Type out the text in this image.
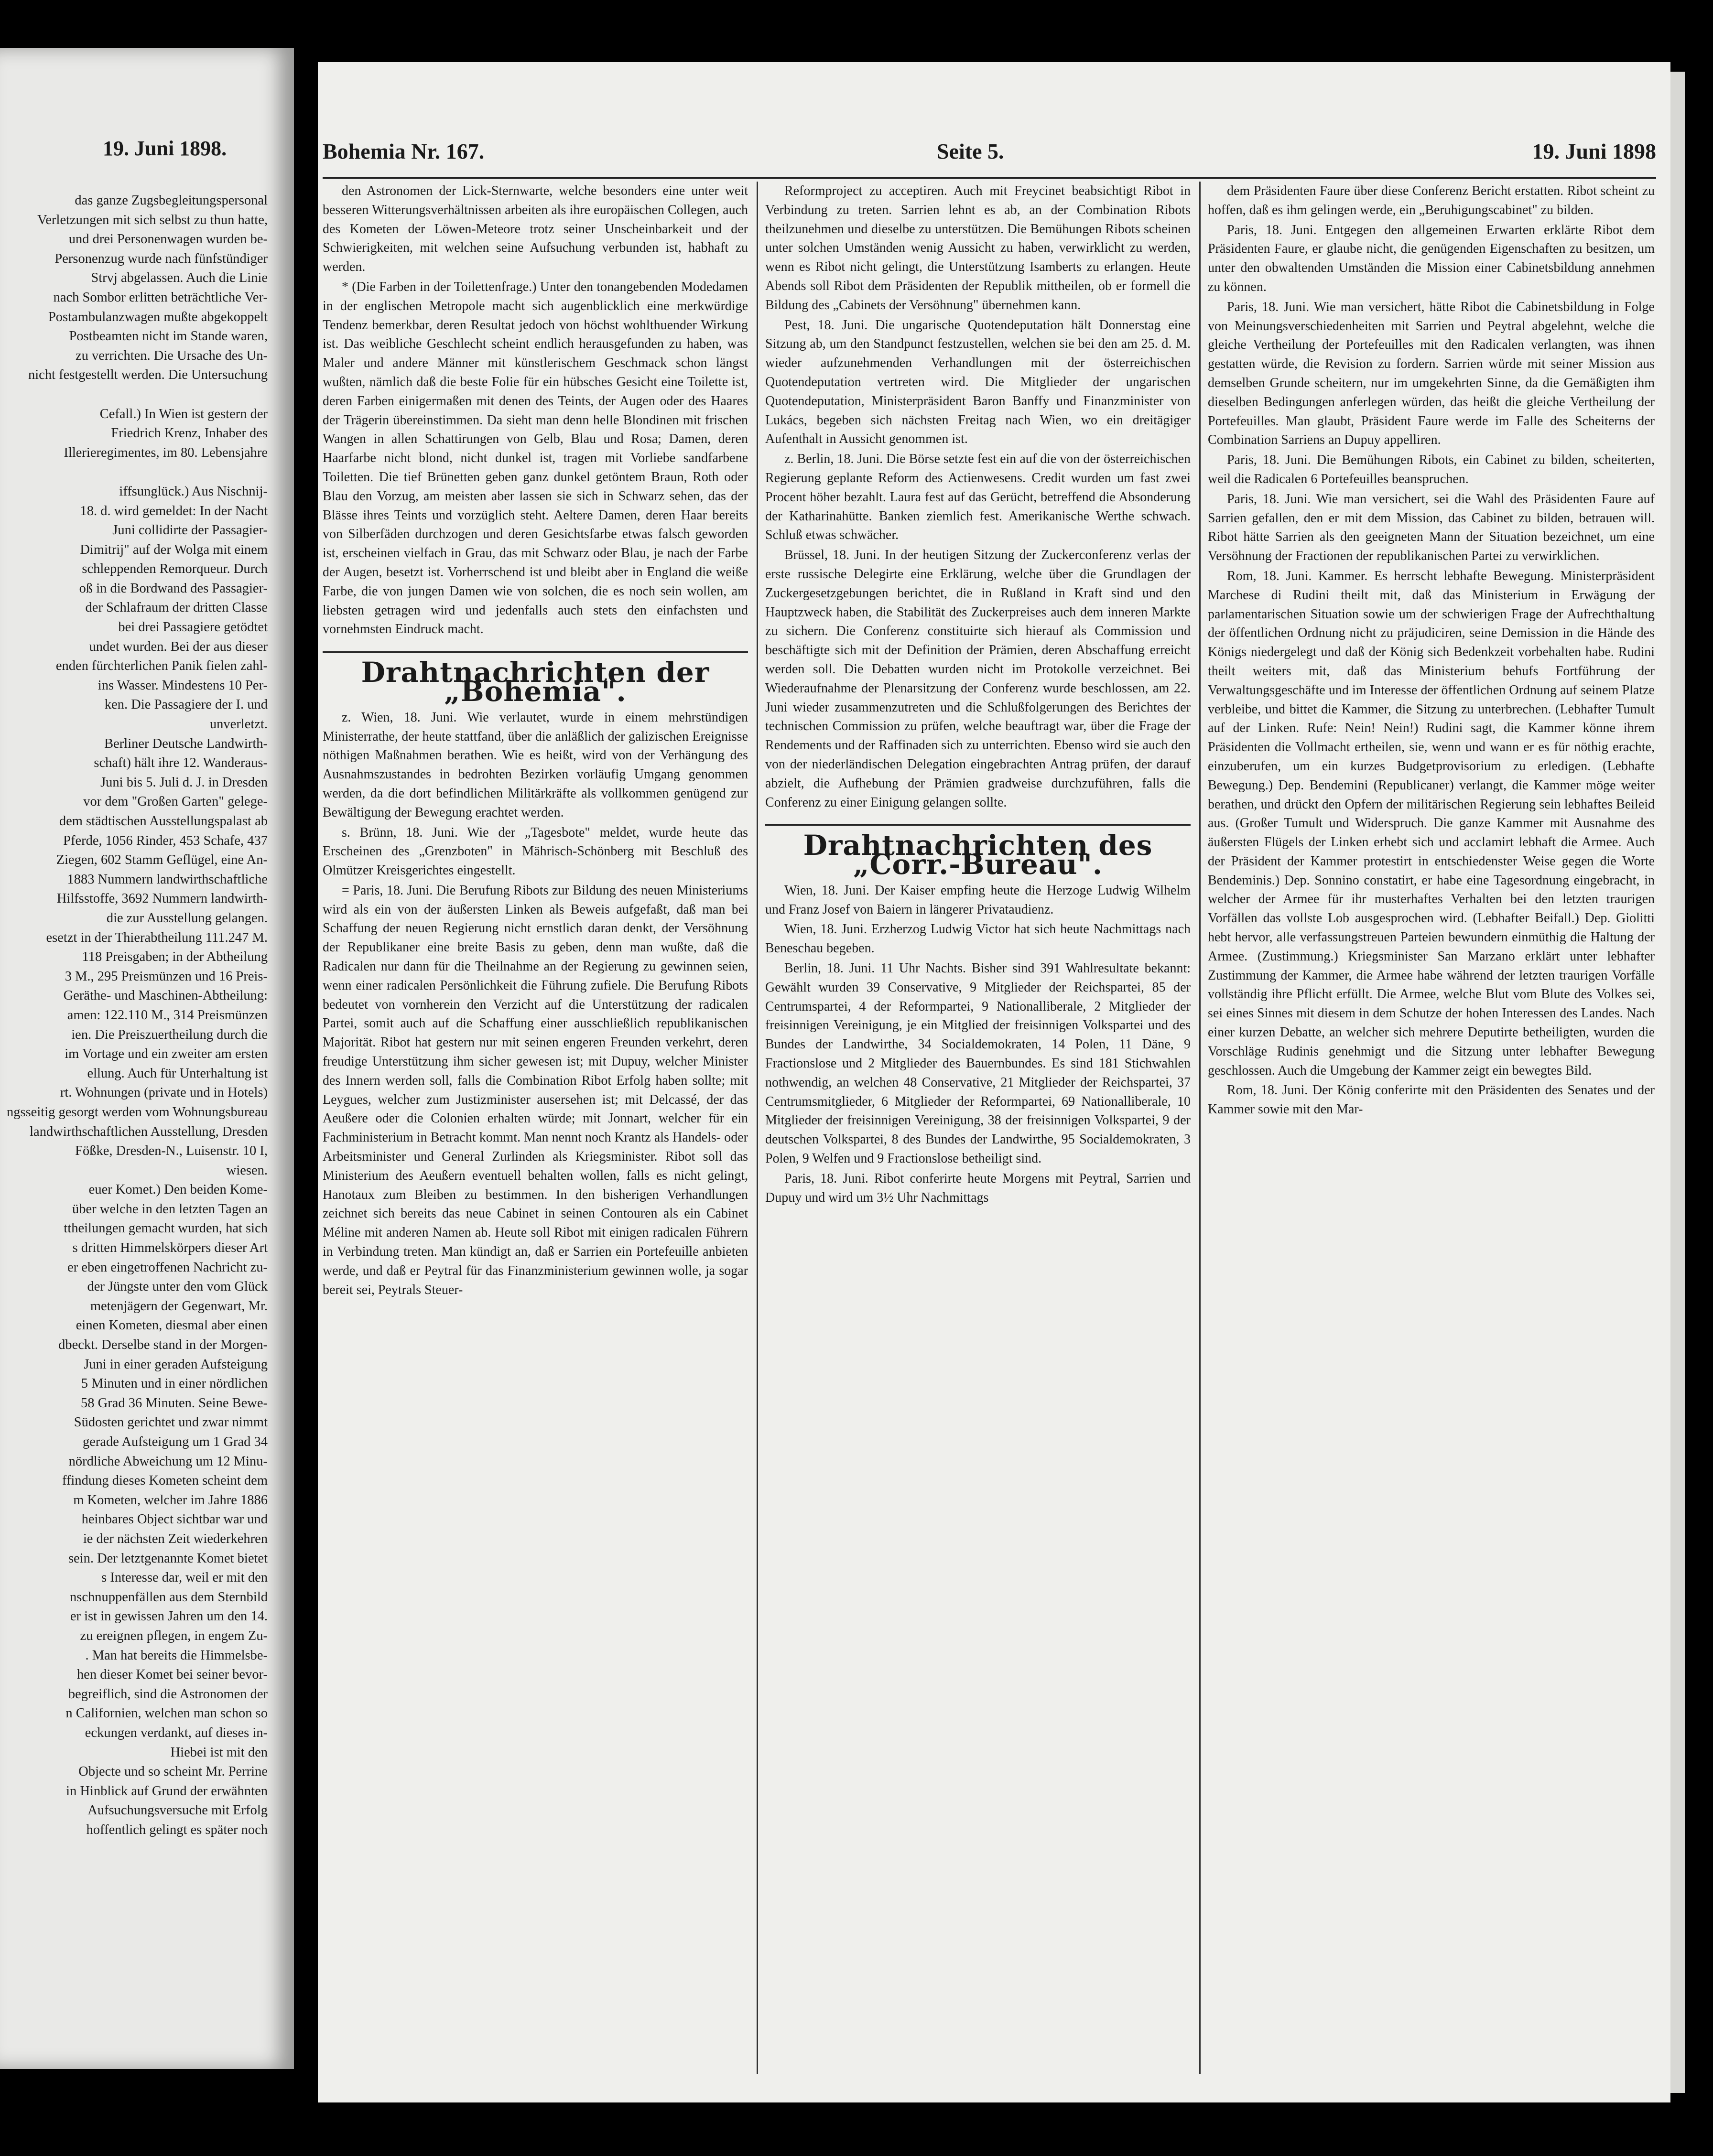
19. Juni 1898.
das ganze Zugsbegleitungspersonal
Verletzungen mit sich selbst zu thun hatte,
und drei Personenwagen wurden be-
Personenzug wurde nach fünfstündiger
Strvj abgelassen. Auch die Linie
nach Sombor erlitten beträchtliche Ver-
Postambulanzwagen mußte abgekoppelt
Postbeamten nicht im Stande waren,
zu verrichten. Die Ursache des Un-
nicht festgestellt werden. Die Untersuchung

Cefall.) In Wien ist gestern der
Friedrich Krenz, Inhaber des
Illerieregimentes, im 80. Lebensjahre

iffsunglück.) Aus Nischnij-
18. d. wird gemeldet: In der Nacht
Juni collidirte der Passagier-
Dimitrij" auf der Wolga mit einem
schleppenden Remorqueur. Durch
oß in die Bordwand des Passagier-
der Schlafraum der dritten Classe
bei drei Passagiere getödtet
undet wurden. Bei der aus dieser
enden fürchterlichen Panik fielen zahl-
ins Wasser. Mindestens 10 Per-
ken. Die Passagiere der I. und
unverletzt.
Berliner Deutsche Landwirth-
schaft) hält ihre 12. Wanderaus-
Juni bis 5. Juli d. J. in Dresden
vor dem "Großen Garten" gelege-
dem städtischen Ausstellungspalast ab
Pferde, 1056 Rinder, 453 Schafe, 437
Ziegen, 602 Stamm Geflügel, eine An-
1883 Nummern landwirthschaftliche
Hilfsstoffe, 3692 Nummern landwirth-
die zur Ausstellung gelangen.
esetzt in der Thierabtheilung 111.247 M.
118 Preisgaben; in der Abtheilung
3 M., 295 Preismünzen und 16 Preis-
Geräthe- und Maschinen-Abtheilung:
amen: 122.110 M., 314 Preismünzen
ien. Die Preiszuertheilung durch die
im Vortage und ein zweiter am ersten
ellung. Auch für Unterhaltung ist
rt. Wohnungen (private und in Hotels)
ngsseitig gesorgt werden vom Wohnungsbureau
landwirthschaftlichen Ausstellung, Dresden
Fößke, Dresden-N., Luisenstr. 10 I,
wiesen.
euer Komet.) Den beiden Kome-
über welche in den letzten Tagen an
ttheilungen gemacht wurden, hat sich
s dritten Himmelskörpers dieser Art
er eben eingetroffenen Nachricht zu-
der Jüngste unter den vom Glück
metenjägern der Gegenwart, Mr.
einen Kometen, diesmal aber einen
dbeckt. Derselbe stand in der Morgen-
Juni in einer geraden Aufsteigung
5 Minuten und in einer nördlichen
58 Grad 36 Minuten. Seine Bewe-
Südosten gerichtet und zwar nimmt
gerade Aufsteigung um 1 Grad 34
nördliche Abweichung um 12 Minu-
ffindung dieses Kometen scheint dem
m Kometen, welcher im Jahre 1886
heinbares Object sichtbar war und
ie der nächsten Zeit wiederkehren
sein. Der letztgenannte Komet bietet
s Interesse dar, weil er mit den
nschnuppenfällen aus dem Sternbild
er ist in gewissen Jahren um den 14.
zu ereignen pflegen, in engem Zu-
. Man hat bereits die Himmelsbe-
hen dieser Komet bei seiner bevor-
begreiflich, sind die Astronomen der
n Californien, welchen man schon so
eckungen verdankt, auf dieses in-
Hiebei ist mit den
Objecte und so scheint Mr. Perrine
in Hinblick auf Grund der erwähnten
Aufsuchungsversuche mit Erfolg
hoffentlich gelingt es später noch
Bohemia Nr. 167.	Seite 5.	19. Juni 1898

den Astronomen der Lick-Sternwarte, welche besonders eine unter weit besseren Witterungsverhältnissen arbeiten als ihre europäischen Collegen, auch des Kometen der Löwen-Meteore trotz seiner Unscheinbarkeit und der Schwierigkeiten, mit welchen seine Aufsuchung verbunden ist, habhaft zu werden.

* (Die Farben in der Toilettenfrage.) Unter den tonangebenden Modedamen in der englischen Metropole macht sich augenblicklich eine merkwürdige Tendenz bemerkbar, deren Resultat jedoch von höchst wohlthuender Wirkung ist. Das weibliche Geschlecht scheint endlich herausgefunden zu haben, was Maler und andere Männer mit künstlerischem Geschmack schon längst wußten, nämlich daß die beste Folie für ein hübsches Gesicht eine Toilette ist, deren Farben einigermaßen mit denen des Teints, der Augen oder des Haares der Trägerin übereinstimmen. Da sieht man denn helle Blondinen mit frischen Wangen in allen Schattirungen von Gelb, Blau und Rosa; Damen, deren Haarfarbe nicht blond, nicht dunkel ist, tragen mit Vorliebe sandfarbene Toiletten. Die tief Brünetten geben ganz dunkel getöntem Braun, Roth oder Blau den Vorzug, am meisten aber lassen sie sich in Schwarz sehen, das der Blässe ihres Teints und vorzüglich steht. Aeltere Damen, deren Haar bereits von Silberfäden durchzogen und deren Gesichtsfarbe etwas falsch geworden ist, erscheinen vielfach in Grau, das mit Schwarz oder Blau, je nach der Farbe der Augen, besetzt ist. Vorherrschend ist und bleibt aber in England die weiße Farbe, die von jungen Damen wie von solchen, die es noch sein wollen, am liebsten getragen wird und jedenfalls auch stets den einfachsten und vornehmsten Eindruck macht.

Drahtnachrichten der „Bohemia".

z. Wien, 18. Juni. Wie verlautet, wurde in einem mehrstündigen Ministerrathe, der heute stattfand, über die anläßlich der galizischen Ereignisse nöthigen Maßnahmen berathen. Wie es heißt, wird von der Verhängung des Ausnahmszustandes in bedrohten Bezirken vorläufig Umgang genommen werden, da die dort befindlichen Militärkräfte als vollkommen genügend zur Bewältigung der Bewegung erachtet werden.

s. Brünn, 18. Juni. Wie der „Tagesbote" meldet, wurde heute das Erscheinen des „Grenzboten" in Mährisch-Schönberg mit Beschluß des Olmützer Kreisgerichtes eingestellt.

= Paris, 18. Juni. Die Berufung Ribots zur Bildung des neuen Ministeriums wird als ein von der äußersten Linken als Beweis aufgefaßt, daß man bei Schaffung der neuen Regierung nicht ernstlich daran denkt, der Versöhnung der Republikaner eine breite Basis zu geben, denn man wußte, daß die Radicalen nur dann für die Theilnahme an der Regierung zu gewinnen seien, wenn einer radicalen Persönlichkeit die Führung zufiele. Die Berufung Ribots bedeutet von vornherein den Verzicht auf die Unterstützung der radicalen Partei, somit auch auf die Schaffung einer ausschließlich republikanischen Majorität. Ribot hat gestern nur mit seinen engeren Freunden verkehrt, deren freudige Unterstützung ihm sicher gewesen ist; mit Dupuy, welcher Minister des Innern werden soll, falls die Combination Ribot Erfolg haben sollte; mit Leygues, welcher zum Justizminister ausersehen ist; mit Delcassé, der das Aeußere oder die Colonien erhalten würde; mit Jonnart, welcher für ein Fachministerium in Betracht kommt. Man nennt noch Krantz als Handels- oder Arbeitsminister und General Zurlinden als Kriegsminister. Ribot soll das Ministerium des Aeußern eventuell behalten wollen, falls es nicht gelingt, Hanotaux zum Bleiben zu bestimmen. In den bisherigen Verhandlungen zeichnet sich bereits das neue Cabinet in seinen Contouren als ein Cabinet Méline mit anderen Namen ab. Heute soll Ribot mit einigen radicalen Führern in Verbindung treten. Man kündigt an, daß er Sarrien ein Portefeuille anbieten werde, und daß er Peytral für das Finanzministerium gewinnen wolle, ja sogar bereit sei, Peytrals Steuer-

Reformproject zu acceptiren. Auch mit Freycinet beabsichtigt Ribot in Verbindung zu treten. Sarrien lehnt es ab, an der Combination Ribots theilzunehmen und dieselbe zu unterstützen. Die Bemühungen Ribots scheinen unter solchen Umständen wenig Aussicht zu haben, verwirklicht zu werden, wenn es Ribot nicht gelingt, die Unterstützung Isamberts zu erlangen. Heute Abends soll Ribot dem Präsidenten der Republik mittheilen, ob er formell die Bildung des „Cabinets der Versöhnung" übernehmen kann.

Pest, 18. Juni. Die ungarische Quotendeputation hält Donnerstag eine Sitzung ab, um den Standpunct festzustellen, welchen sie bei den am 25. d. M. wieder aufzunehmenden Verhandlungen mit der österreichischen Quotendeputation vertreten wird. Die Mitglieder der ungarischen Quotendeputation, Ministerpräsident Baron Banffy und Finanzminister von Lukács, begeben sich nächsten Freitag nach Wien, wo ein dreitägiger Aufenthalt in Aussicht genommen ist.

z. Berlin, 18. Juni. Die Börse setzte fest ein auf die von der österreichischen Regierung geplante Reform des Actienwesens. Credit wurden um fast zwei Procent höher bezahlt. Laura fest auf das Gerücht, betreffend die Absonderung der Katharinahütte. Banken ziemlich fest. Amerikanische Werthe schwach. Schluß etwas schwächer.

Brüssel, 18. Juni. In der heutigen Sitzung der Zuckerconferenz verlas der erste russische Delegirte eine Erklärung, welche über die Grundlagen der Zuckergesetzgebungen berichtet, die in Rußland in Kraft sind und den Hauptzweck haben, die Stabilität des Zuckerpreises auch dem inneren Markte zu sichern. Die Conferenz constituirte sich hierauf als Commission und beschäftigte sich mit der Definition der Prämien, deren Abschaffung erreicht werden soll. Die Debatten wurden nicht im Protokolle verzeichnet. Bei Wiederaufnahme der Plenarsitzung der Conferenz wurde beschlossen, am 22. Juni wieder zusammenzutreten und die Schlußfolgerungen des Berichtes der technischen Commission zu prüfen, welche beauftragt war, über die Frage der Rendements und der Raffinaden sich zu unterrichten. Ebenso wird sie auch den von der niederländischen Delegation eingebrachten Antrag prüfen, der darauf abzielt, die Aufhebung der Prämien gradweise durchzuführen, falls die Conferenz zu einer Einigung gelangen sollte.

Drahtnachrichten des „Corr.-Bureau".

Wien, 18. Juni. Der Kaiser empfing heute die Herzoge Ludwig Wilhelm und Franz Josef von Baiern in längerer Privataudienz.

Wien, 18. Juni. Erzherzog Ludwig Victor hat sich heute Nachmittags nach Beneschau begeben.

Berlin, 18. Juni. 11 Uhr Nachts. Bisher sind 391 Wahlresultate bekannt: Gewählt wurden 39 Conservative, 9 Mitglieder der Reichspartei, 85 der Centrumspartei, 4 der Reformpartei, 9 Nationalliberale, 2 Mitglieder der freisinnigen Vereinigung, je ein Mitglied der freisinnigen Volkspartei und des Bundes der Landwirthe, 34 Socialdemokraten, 14 Polen, 11 Däne, 9 Fractionslose und 2 Mitglieder des Bauernbundes. Es sind 181 Stichwahlen nothwendig, an welchen 48 Conservative, 21 Mitglieder der Reichspartei, 37 Centrumsmitglieder, 6 Mitglieder der Reformpartei, 69 Nationalliberale, 10 Mitglieder der freisinnigen Vereinigung, 38 der freisinnigen Volkspartei, 9 der deutschen Volkspartei, 8 des Bundes der Landwirthe, 95 Socialdemokraten, 3 Polen, 9 Welfen und 9 Fractionslose betheiligt sind.

Paris, 18. Juni. Ribot conferirte heute Morgens mit Peytral, Sarrien und Dupuy und wird um 3½ Uhr Nachmittags

dem Präsidenten Faure über diese Conferenz Bericht erstatten. Ribot scheint zu hoffen, daß es ihm gelingen werde, ein „Beruhigungscabinet" zu bilden.

Paris, 18. Juni. Entgegen den allgemeinen Erwarten erklärte Ribot dem Präsidenten Faure, er glaube nicht, die genügenden Eigenschaften zu besitzen, um unter den obwaltenden Umständen die Mission einer Cabinetsbildung annehmen zu können.

Paris, 18. Juni. Wie man versichert, hätte Ribot die Cabinetsbildung in Folge von Meinungsverschiedenheiten mit Sarrien und Peytral abgelehnt, welche die gleiche Vertheilung der Portefeuilles mit den Radicalen verlangten, was ihnen gestatten würde, die Revision zu fordern. Sarrien würde mit seiner Mission aus demselben Grunde scheitern, nur im umgekehrten Sinne, da die Gemäßigten ihm dieselben Bedingungen anferlegen würden, das heißt die gleiche Vertheilung der Portefeuilles. Man glaubt, Präsident Faure werde im Falle des Scheiterns der Combination Sarriens an Dupuy appelliren.

Paris, 18. Juni. Die Bemühungen Ribots, ein Cabinet zu bilden, scheiterten, weil die Radicalen 6 Portefeuilles beanspruchen.

Paris, 18. Juni. Wie man versichert, sei die Wahl des Präsidenten Faure auf Sarrien gefallen, den er mit dem Mission, das Cabinet zu bilden, betrauen will. Ribot hätte Sarrien als den geeigneten Mann der Situation bezeichnet, um eine Versöhnung der Fractionen der republikanischen Partei zu verwirklichen.

Rom, 18. Juni. Kammer. Es herrscht lebhafte Bewegung. Ministerpräsident Marchese di Rudini theilt mit, daß das Ministerium in Erwägung der parlamentarischen Situation sowie um der schwierigen Frage der Aufrechthaltung der öffentlichen Ordnung nicht zu präjudiciren, seine Demission in die Hände des Königs niedergelegt und daß der König sich Bedenkzeit vorbehalten habe. Rudini theilt weiters mit, daß das Ministerium behufs Fortführung der Verwaltungsgeschäfte und im Interesse der öffentlichen Ordnung auf seinem Platze verbleibe, und bittet die Kammer, die Sitzung zu unterbrechen. (Lebhafter Tumult auf der Linken. Rufe: Nein! Nein!) Rudini sagt, die Kammer könne ihrem Präsidenten die Vollmacht ertheilen, sie, wenn und wann er es für nöthig erachte, einzuberufen, um ein kurzes Budgetprovisorium zu erledigen. (Lebhafte Bewegung.) Dep. Bendemini (Republicaner) verlangt, die Kammer möge weiter berathen, und drückt den Opfern der militärischen Regierung sein lebhaftes Beileid aus. (Großer Tumult und Widerspruch. Die ganze Kammer mit Ausnahme des äußersten Flügels der Linken erhebt sich und acclamirt lebhaft die Armee. Auch der Präsident der Kammer protestirt in entschiedenster Weise gegen die Worte Bendeminis.) Dep. Sonnino constatirt, er habe eine Tagesordnung eingebracht, in welcher der Armee für ihr musterhaftes Verhalten bei den letzten traurigen Vorfällen das vollste Lob ausgesprochen wird. (Lebhafter Beifall.) Dep. Giolitti hebt hervor, alle verfassungstreuen Parteien bewundern einmüthig die Haltung der Armee. (Zustimmung.) Kriegsminister San Marzano erklärt unter lebhafter Zustimmung der Kammer, die Armee habe während der letzten traurigen Vorfälle vollständig ihre Pflicht erfüllt. Die Armee, welche Blut vom Blute des Volkes sei, sei eines Sinnes mit diesem in dem Schutze der hohen Interessen des Landes. Nach einer kurzen Debatte, an welcher sich mehrere Deputirte betheiligten, wurden die Vorschläge Rudinis genehmigt und die Sitzung unter lebhafter Bewegung geschlossen. Auch die Umgebung der Kammer zeigt ein bewegtes Bild.

Rom, 18. Juni. Der König conferirte mit den Präsidenten des Senates und der Kammer sowie mit den Mar-
